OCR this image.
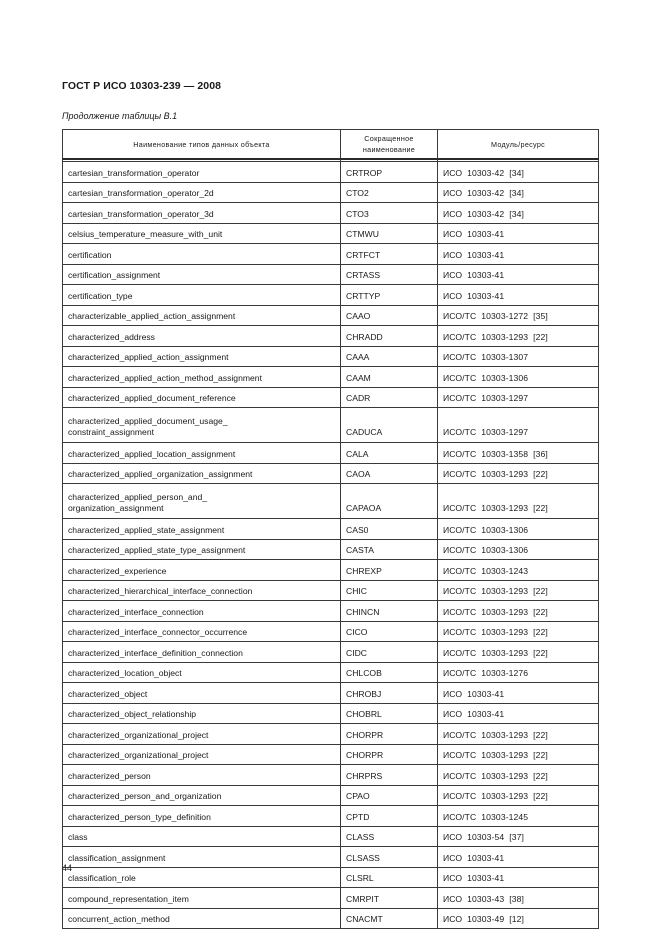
ГОСТ Р ИСО 10303-239 — 2008
Продолжение таблицы В.1
Наименование типов данных объекта	Сокращенное наименование	Модуль/ресурс

cartesian_transformation_operator	CRTROP	ИСО  10303-42  [34]
cartesian_transformation_operator_2d	CTO2	ИСО  10303-42  [34]
cartesian_transformation_operator_3d	CTO3	ИСО  10303-42  [34]
celsius_temperature_measure_with_unit	CTMWU	ИСО  10303-41
certification	CRTFCT	ИСО  10303-41
certification_assignment	CRTASS	ИСО  10303-41
certification_type	CRTTYP	ИСО  10303-41
characterizable_applied_action_assignment	CAAO	ИСО/ТС  10303-1272  [35]
characterized_address	CHRADD	ИСО/ТС  10303-1293  [22]
characterized_applied_action_assignment	CAAA	ИСО/ТС  10303-1307
characterized_applied_action_method_assignment	CAAM	ИСО/ТС  10303-1306
characterized_applied_document_reference	CADR	ИСО/ТС  10303-1297
characterized_applied_document_usage_
constraint_assignment	CADUCA	ИСО/ТС  10303-1297
characterized_applied_location_assignment	CALA	ИСО/ТС  10303-1358  [36]
characterized_applied_organization_assignment	CAOA	ИСО/ТС  10303-1293  [22]
characterized_applied_person_and_
organization_assignment	CAPAOA	ИСО/ТС  10303-1293  [22]
characterized_applied_state_assignment	CAS0	ИСО/ТС  10303-1306
characterized_applied_state_type_assignment	CASTA	ИСО/ТС  10303-1306
characterized_experience	CHREXP	ИСО/ТС  10303-1243
characterized_hierarchical_interface_connection	CHIC	ИСО/ТС  10303-1293  [22]
characterized_interface_connection	CHINCN	ИСО/ТС  10303-1293  [22]
characterized_interface_connector_occurrence	CICO	ИСО/ТС  10303-1293  [22]
characterized_interface_definition_connection	CIDC	ИСО/ТС  10303-1293  [22]
characterized_location_object	CHLCOB	ИСО/ТС  10303-1276
characterized_object	CHROBJ	ИСО  10303-41
characterized_object_relationship	CHOBRL	ИСО  10303-41
characterized_organizational_project	CHORPR	ИСО/ТС  10303-1293  [22]
characterized_organizational_project	CHORPR	ИСО/ТС  10303-1293  [22]
characterized_person	CHRPRS	ИСО/ТС  10303-1293  [22]
characterized_person_and_organization	CPAO	ИСО/ТС  10303-1293  [22]
characterized_person_type_definition	CPTD	ИСО/ТС  10303-1245
class	CLASS	ИСО  10303-54  [37]
classification_assignment	CLSASS	ИСО  10303-41
classification_role	CLSRL	ИСО  10303-41
compound_representation_item	CMRPIT	ИСО  10303-43  [38]
concurrent_action_method	CNACMT	ИСО  10303-49  [12]
44
